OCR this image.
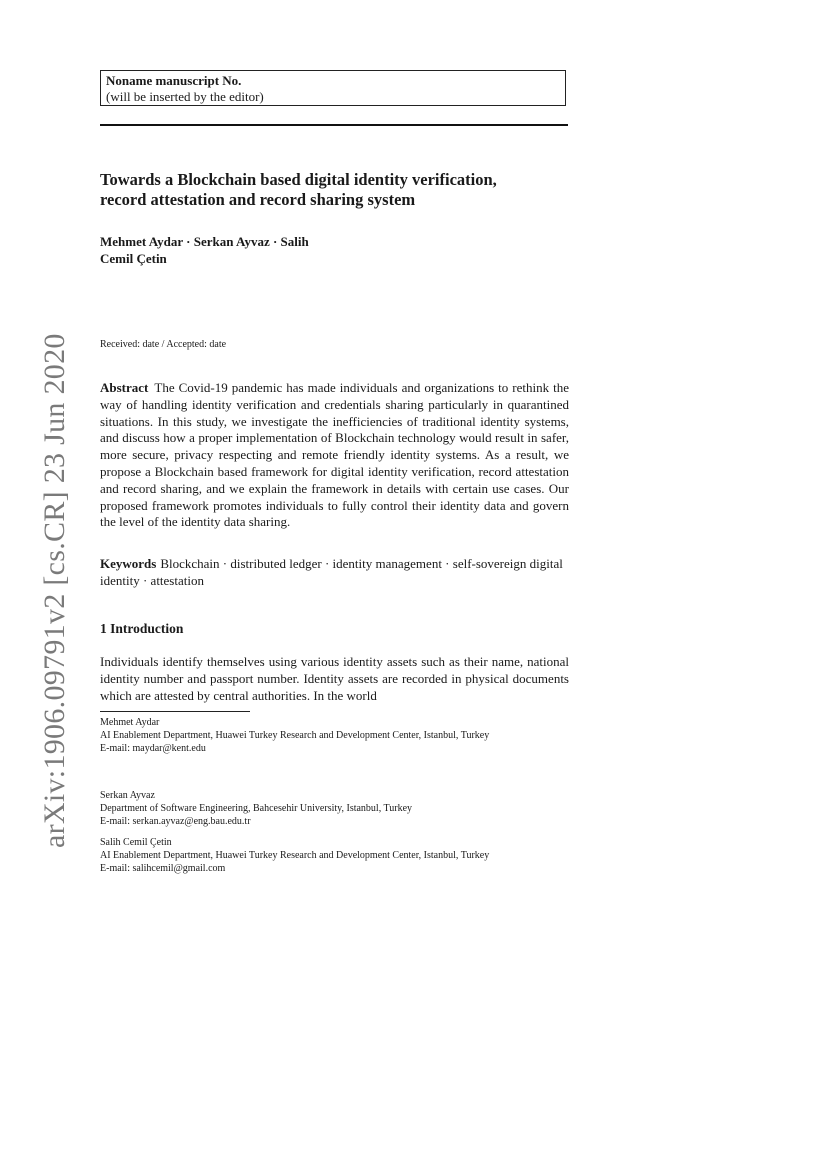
Noname manuscript No.
(will be inserted by the editor)
Towards a Blockchain based digital identity verification,
record attestation and record sharing system
Mehmet Aydar · Serkan Ayvaz · Salih
Cemil Çetin
Received: date / Accepted: date
Abstract The Covid-19 pandemic has made individuals and organizations to rethink the way of handling identity verification and credentials sharing particularly in quarantined situations. In this study, we investigate the inefficiencies of traditional identity systems, and discuss how a proper implementation of Blockchain technology would result in safer, more secure, privacy respecting and remote friendly identity systems. As a result, we propose a Blockchain based framework for digital identity verification, record attestation and record sharing, and we explain the framework in details with certain use cases. Our proposed framework promotes individuals to fully control their identity data and govern the level of the identity data sharing.
Keywords Blockchain · distributed ledger · identity management · self-sovereign digital identity · attestation
1 Introduction
Individuals identify themselves using various identity assets such as their name, national identity number and passport number. Identity assets are recorded in physical documents which are attested by central authorities. In the world
Mehmet Aydar
AI Enablement Department, Huawei Turkey Research and Development Center, Istanbul, Turkey
E-mail: maydar@kent.edu
Serkan Ayvaz
Department of Software Engineering, Bahcesehir University, Istanbul, Turkey
E-mail: serkan.ayvaz@eng.bau.edu.tr
Salih Cemil Çetin
AI Enablement Department, Huawei Turkey Research and Development Center, Istanbul, Turkey
E-mail: salihcemil@gmail.com
arXiv:1906.09791v2 [cs.CR] 23 Jun 2020
